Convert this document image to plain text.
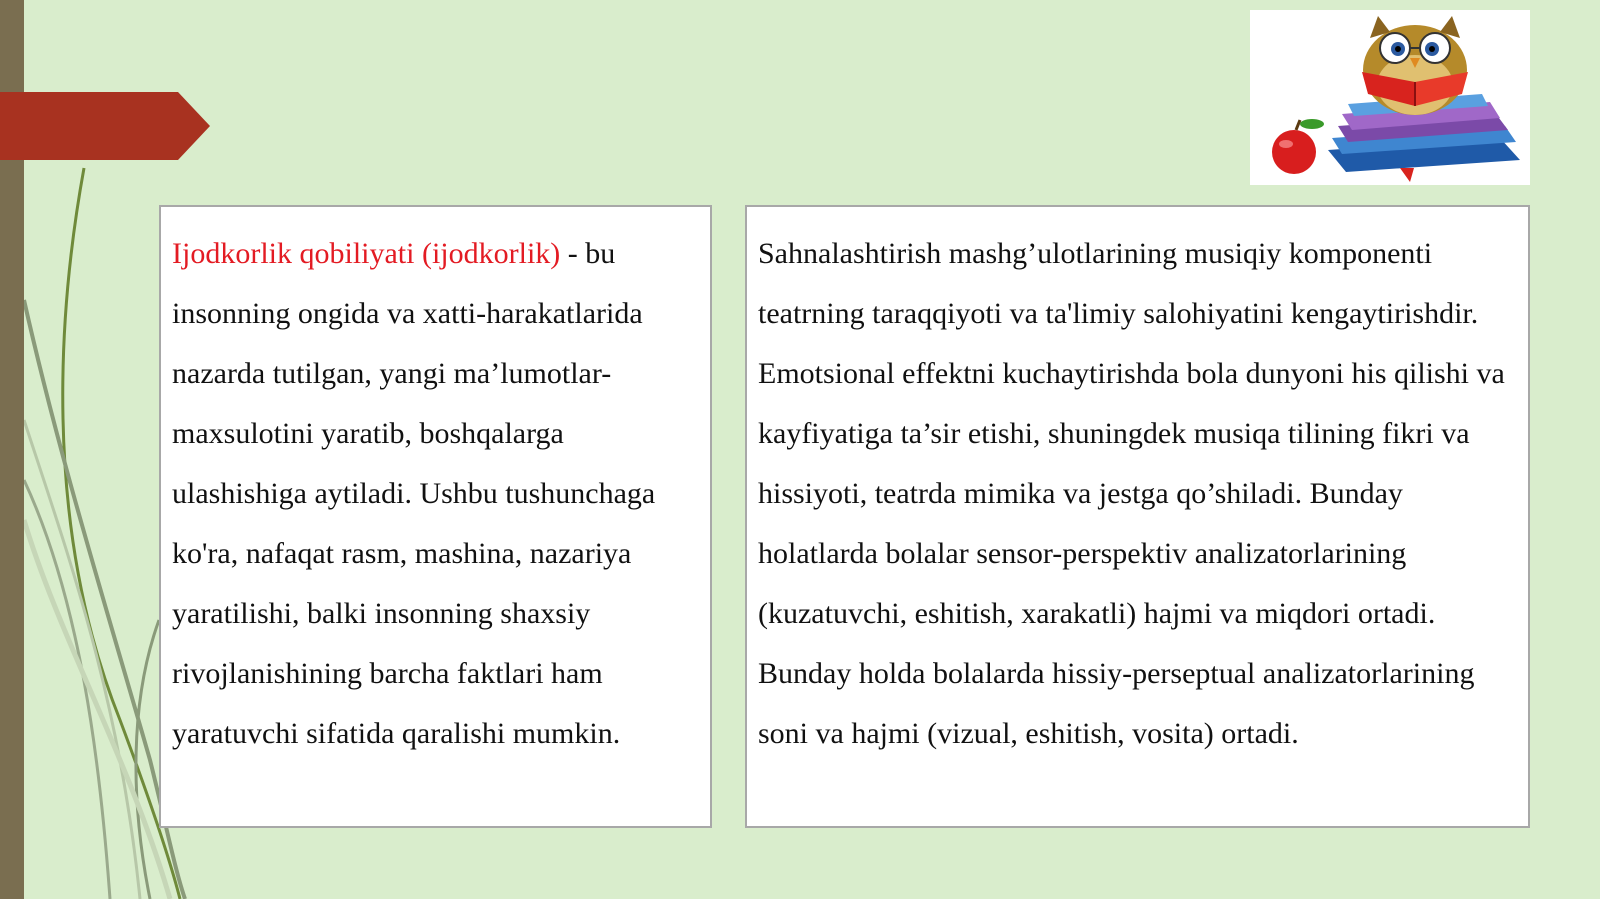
Ijodkorlik qobiliyati (ijodkorlik) - bu insonning ongida va xatti-harakatlarida nazarda tutilgan, yangi ma’lumotlar-maxsulotini yaratib, boshqalarga ulashishiga aytiladi. Ushbu tushunchaga ko'ra, nafaqat rasm, mashina, nazariya yaratilishi, balki insonning shaxsiy rivojlanishining barcha faktlari ham yaratuvchi sifatida qaralishi mumkin.
Sahnalashtirish mashg’ulotlarining musiqiy komponenti teatrning taraqqiyoti va ta'limiy salohiyatini kengaytirishdir. Emotsional effektni kuchaytirishda bola dunyoni his qilishi va kayfiyatiga ta’sir etishi, shuningdek musiqa tilining fikri va hissiyoti, teatrda mimika va jestga qo’shiladi. Bunday holatlarda bolalar sensor-perspektiv analizatorlarining (kuzatuvchi, eshitish, xarakatli) hajmi va miqdori ortadi. Bunday holda bolalarda hissiy-perseptual analizatorlarining soni va hajmi (vizual, eshitish, vosita) ortadi.
